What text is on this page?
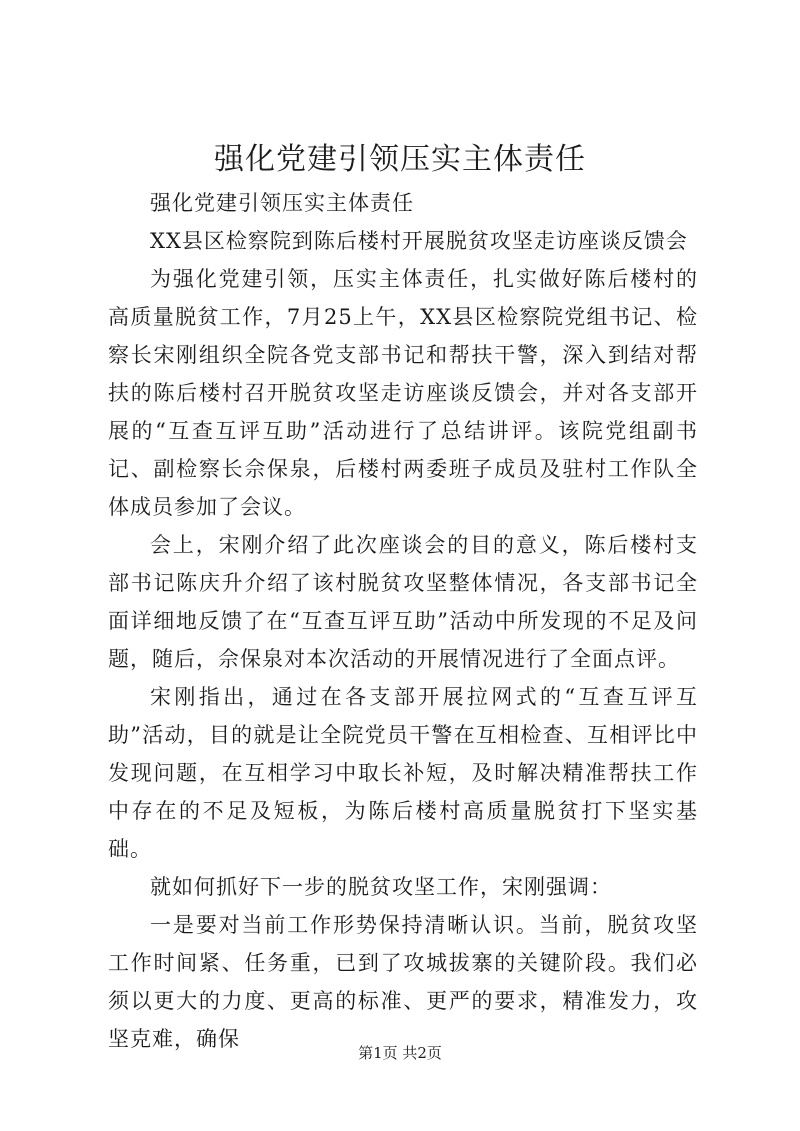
强化党建引领压实主体责任

强化党建引领压实主体责任

XX县区检察院到陈后楼村开展脱贫攻坚走访座谈反馈会

为强化党建引领，压实主体责任，扎实做好陈后楼村的高质量脱贫工作，7月25上午，XX县区检察院党组书记、检察长宋刚组织全院各党支部书记和帮扶干警，深入到结对帮扶的陈后楼村召开脱贫攻坚走访座谈反馈会，并对各支部开展的“互查互评互助”活动进行了总结讲评。该院党组副书记、副检察长佘保泉，后楼村两委班子成员及驻村工作队全体成员参加了会议。

会上，宋刚介绍了此次座谈会的目的意义，陈后楼村支部书记陈庆升介绍了该村脱贫攻坚整体情况，各支部书记全面详细地反馈了在“互查互评互助”活动中所发现的不足及问题，随后，佘保泉对本次活动的开展情况进行了全面点评。

宋刚指出，通过在各支部开展拉网式的“互查互评互助”活动，目的就是让全院党员干警在互相检查、互相评比中发现问题，在互相学习中取长补短，及时解决精准帮扶工作中存在的不足及短板，为陈后楼村高质量脱贫打下坚实基础。

就如何抓好下一步的脱贫攻坚工作，宋刚强调：

一是要对当前工作形势保持清晰认识。当前，脱贫攻坚工作时间紧、任务重，已到了攻城拔寨的关键阶段。我们必须以更大的力度、更高的标准、更严的要求，精准发力，攻坚克难，确保

第1页 共2页
